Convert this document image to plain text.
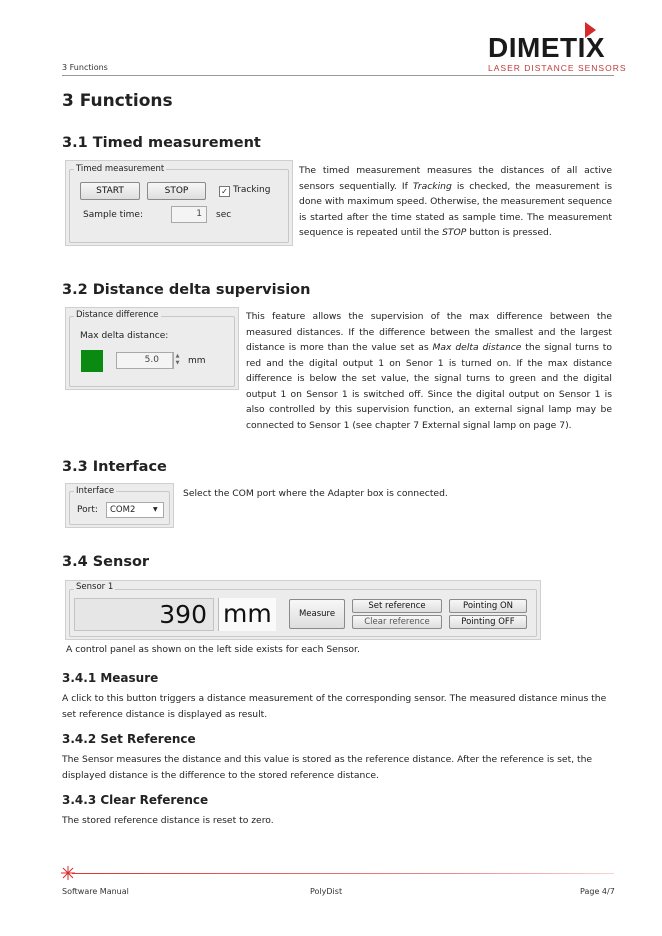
3 Functions
DIMETIX
LASER DISTANCE SENSORS
3 Functions
3.1 Timed measurement
Timed measurement
START	STOP	✓ Tracking
Sample time:	1	sec
The timed measurement measures the distances of all active sensors sequentially. If Tracking is checked, the measurement is done with maximum speed. Otherwise, the measurement sequence is started after the time stated as sample time. The measurement sequence is repeated until the STOP button is pressed.
3.2 Distance delta supervision
Distance difference
Max delta distance:
5.0	▲
▼ mm
This feature allows the supervision of the max difference between the measured distances. If the difference between the smallest and the largest distance is more than the value set as Max delta distance the signal turns to red and the digital output 1 on Senor 1 is turned on. If the max distance difference is below the set value, the signal turns to green and the digital output 1 on Sensor 1 is switched off. Since the digital output on Sensor 1 is also controlled by this supervision function, an external signal lamp may be connected to Sensor 1 (see chapter 7 External signal lamp on page 7).
3.3 Interface
Interface
Port: COM2	▼
Select the COM port where the Adapter box is connected.
3.4 Sensor
Sensor 1
390 mm	Measure
Set reference
Clear reference
Pointing ON
Pointing OFF
A control panel as shown on the left side exists for each Sensor.
3.4.1 Measure
A click to this button triggers a distance measurement of the corresponding sensor. The measured distance minus the set reference distance is displayed as result.
3.4.2 Set Reference
The Sensor measures the distance and this value is stored as the reference distance. After the reference is set, the displayed distance is the difference to the stored reference distance.
3.4.3 Clear Reference
The stored reference distance is reset to zero.
Software Manual	PolyDist	Page 4/7
